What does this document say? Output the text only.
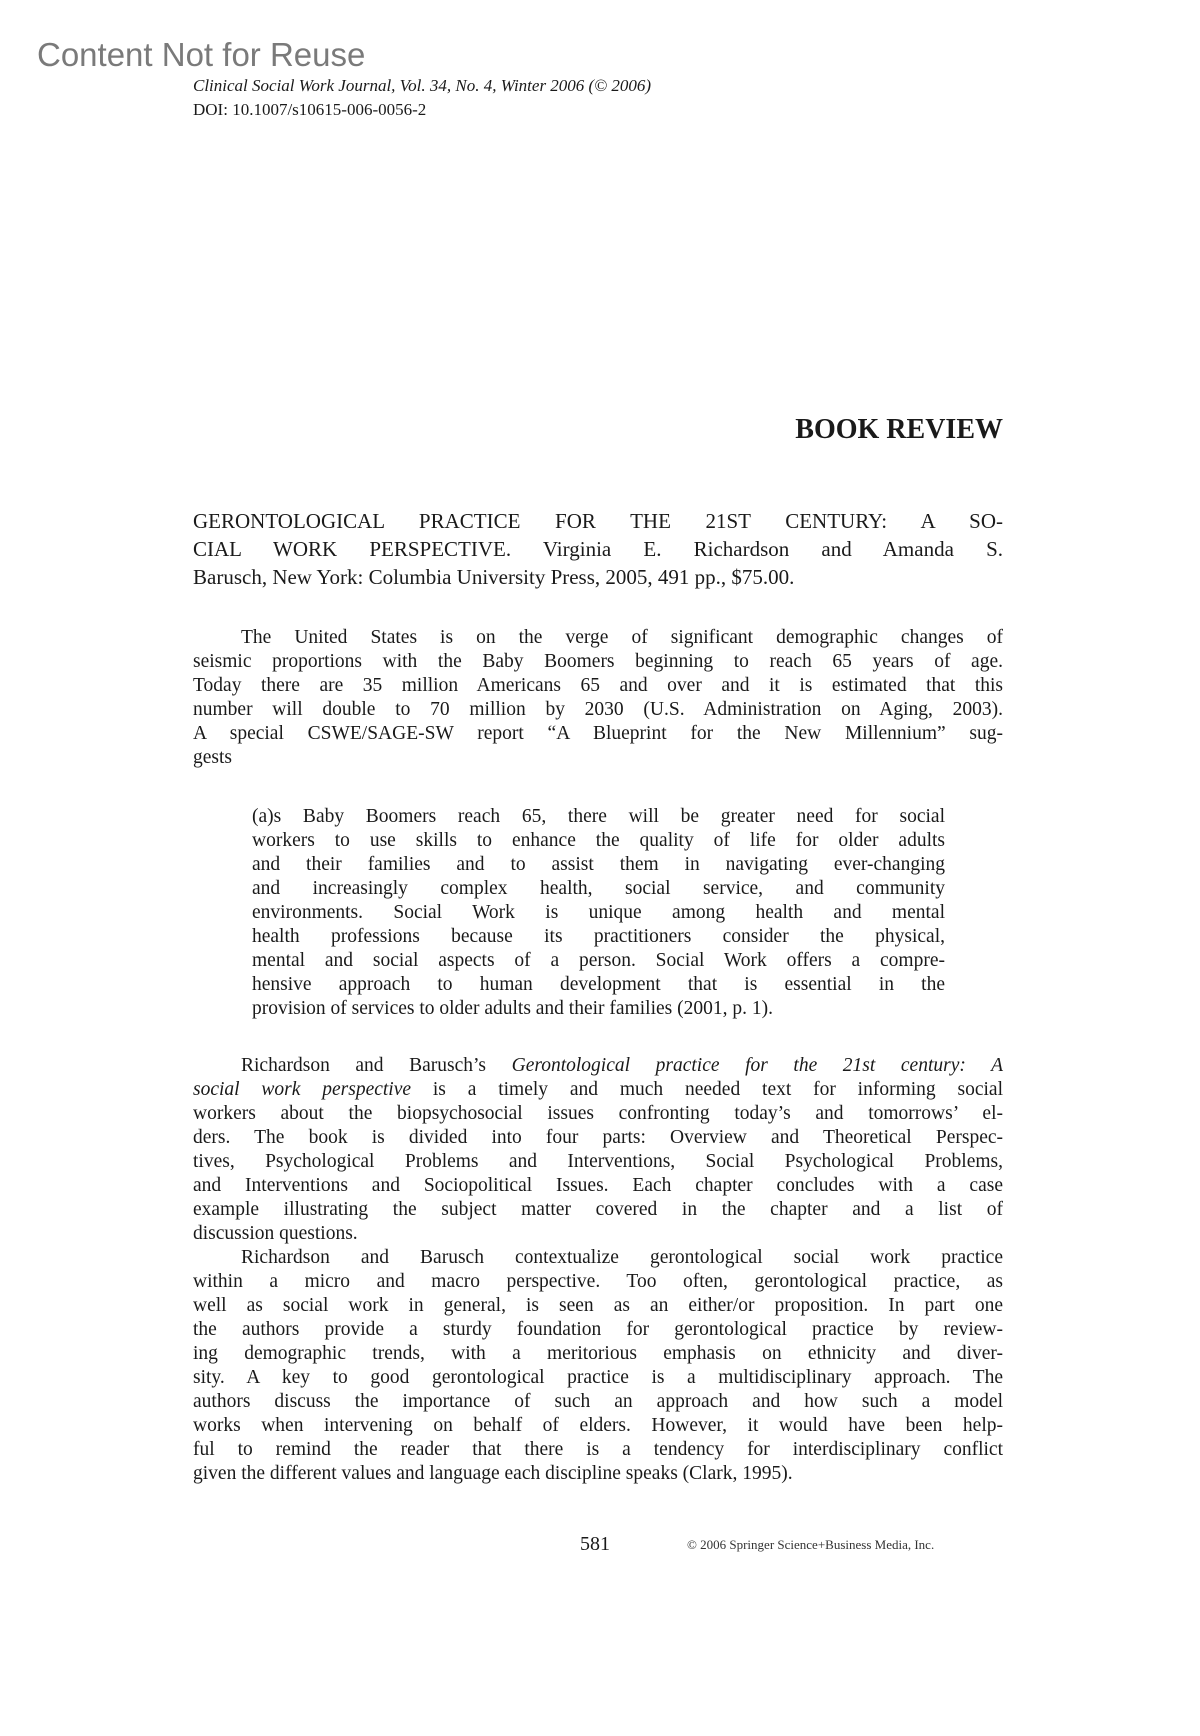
Content Not for Reuse
Clinical Social Work Journal, Vol. 34, No. 4, Winter 2006 (© 2006)
DOI: 10.1007/s10615-006-0056-2
BOOK REVIEW
GERONTOLOGICAL PRACTICE FOR THE 21ST CENTURY: A SO-
CIAL WORK PERSPECTIVE. Virginia E. Richardson and Amanda S.
Barusch, New York: Columbia University Press, 2005, 491 pp., $75.00.
The United States is on the verge of significant demographic changes of
seismic proportions with the Baby Boomers beginning to reach 65 years of age.
Today there are 35 million Americans 65 and over and it is estimated that this
number will double to 70 million by 2030 (U.S. Administration on Aging, 2003).
A special CSWE/SAGE-SW report “A Blueprint for the New Millennium” sug-
gests
(a)s Baby Boomers reach 65, there will be greater need for social
workers to use skills to enhance the quality of life for older adults
and their families and to assist them in navigating ever-changing
and increasingly complex health, social service, and community
environments. Social Work is unique among health and mental
health professions because its practitioners consider the physical,
mental and social aspects of a person. Social Work offers a compre-
hensive approach to human development that is essential in the
provision of services to older adults and their families (2001, p. 1).
Richardson and Barusch’s Gerontological practice for the 21st century: A
social work perspective is a timely and much needed text for informing social
workers about the biopsychosocial issues confronting today’s and tomorrows’ el-
ders. The book is divided into four parts: Overview and Theoretical Perspec-
tives, Psychological Problems and Interventions, Social Psychological Problems,
and Interventions and Sociopolitical Issues. Each chapter concludes with a case
example illustrating the subject matter covered in the chapter and a list of
discussion questions.
Richardson and Barusch contextualize gerontological social work practice
within a micro and macro perspective. Too often, gerontological practice, as
well as social work in general, is seen as an either/or proposition. In part one
the authors provide a sturdy foundation for gerontological practice by review-
ing demographic trends, with a meritorious emphasis on ethnicity and diver-
sity. A key to good gerontological practice is a multidisciplinary approach. The
authors discuss the importance of such an approach and how such a model
works when intervening on behalf of elders. However, it would have been help-
ful to remind the reader that there is a tendency for interdisciplinary conflict
given the different values and language each discipline speaks (Clark, 1995).
581	© 2006 Springer Science+Business Media, Inc.
